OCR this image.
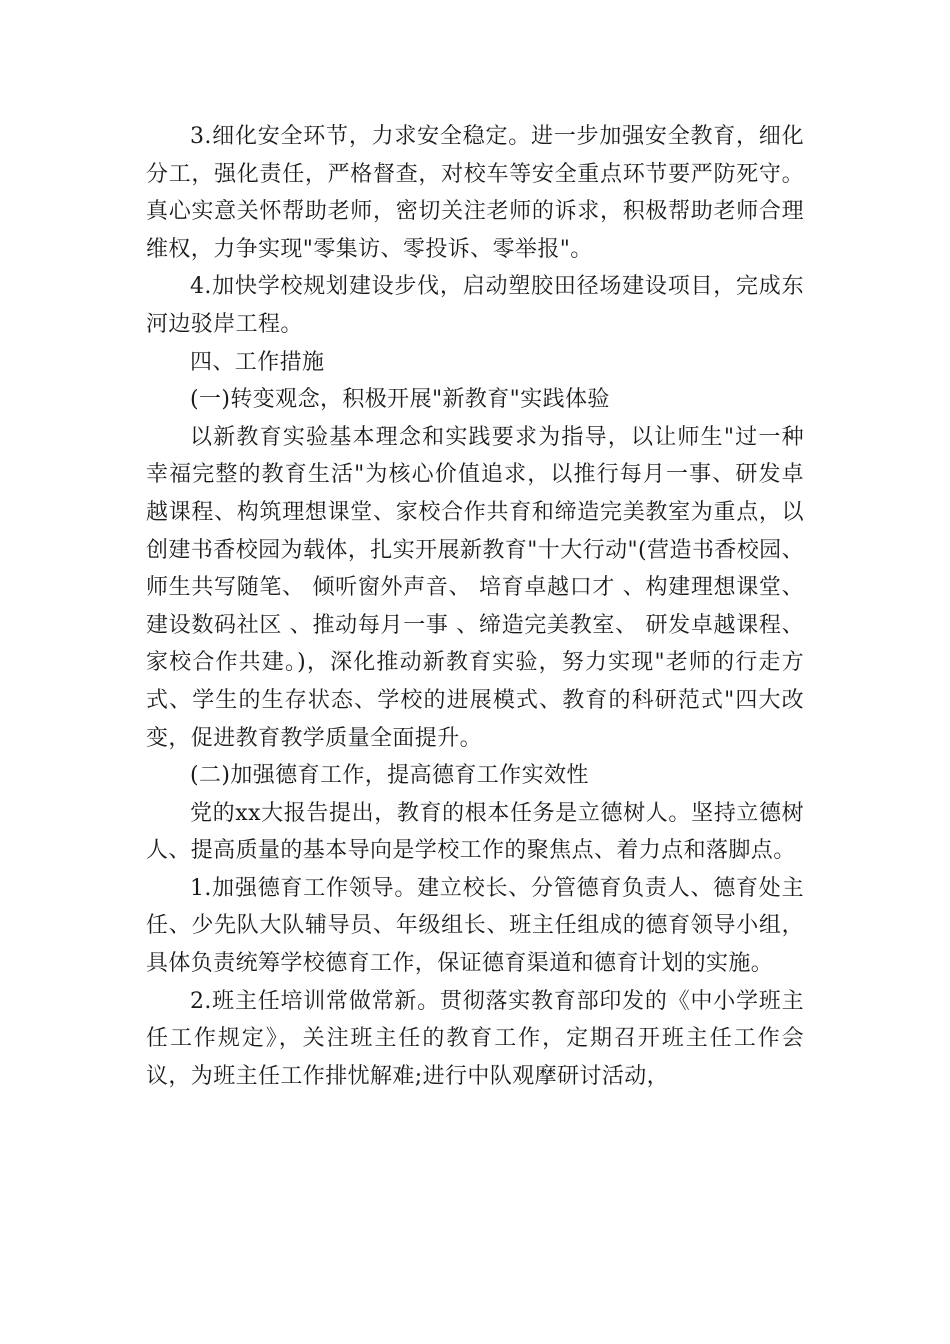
3.细化安全环节，力求安全稳定。进一步加强安全教育，细化分工，强化责任，严格督查，对校车等安全重点环节要严防死守。真心实意关怀帮助老师，密切关注老师的诉求，积极帮助老师合理维权，力争实现"零集访、零投诉、零举报"。

4.加快学校规划建设步伐，启动塑胶田径场建设项目，完成东河边驳岸工程。

四、工作措施

(一)转变观念，积极开展"新教育"实践体验

以新教育实验基本理念和实践要求为指导，以让师生"过一种幸福完整的教育生活"为核心价值追求，以推行每月一事、研发卓越课程、构筑理想课堂、家校合作共育和缔造完美教室为重点，以创建书香校园为载体，扎实开展新教育"十大行动"(营造书香校园、 师生共写随笔、 倾听窗外声音、 培育卓越口才 、构建理想课堂、建设数码社区 、推动每月一事 、缔造完美教室、 研发卓越课程、家校合作共建。)，深化推动新教育实验，努力实现"老师的行走方式、学生的生存状态、学校的进展模式、教育的科研范式"四大改变，促进教育教学质量全面提升。

(二)加强德育工作，提高德育工作实效性

党的xx大报告提出，教育的根本任务是立德树人。坚持立德树人、提高质量的基本导向是学校工作的聚焦点、着力点和落脚点。

1.加强德育工作领导。建立校长、分管德育负责人、德育处主任、少先队大队辅导员、年级组长、班主任组成的德育领导小组，具体负责统筹学校德育工作，保证德育渠道和德育计划的实施。

2.班主任培训常做常新。贯彻落实教育部印发的《中小学班主任工作规定》，关注班主任的教育工作，定期召开班主任工作会议，为班主任工作排忧解难;进行中队观摩研讨活动，
